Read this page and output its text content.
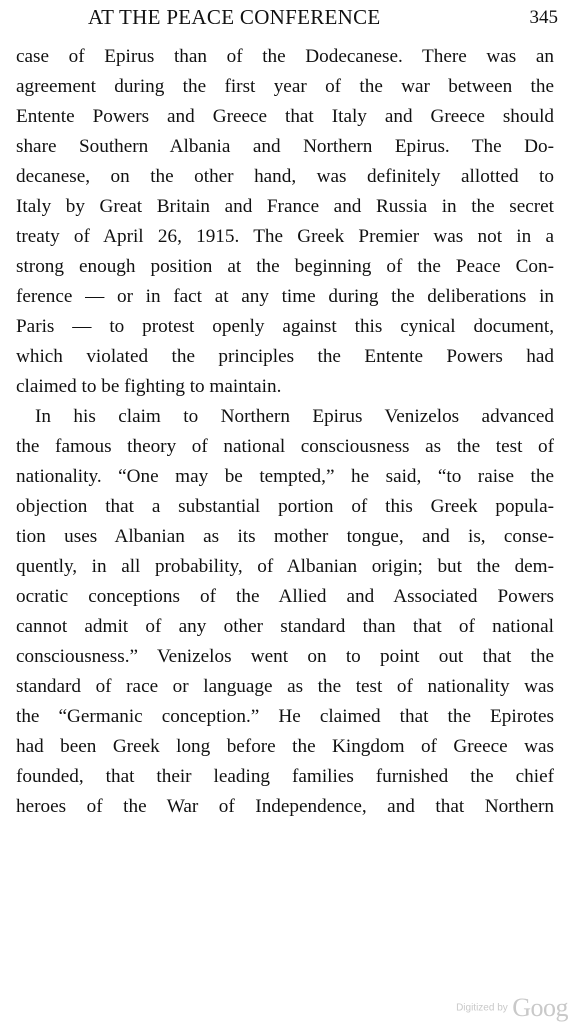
AT THE PEACE CONFERENCE	345
case of Epirus than of the Dodecanese. There was an
agreement during the first year of the war between the
Entente Powers and Greece that Italy and Greece should
share Southern Albania and Northern Epirus. The Do-
decanese, on the other hand, was definitely allotted to
Italy by Great Britain and France and Russia in the secret
treaty of April 26, 1915. The Greek Premier was not in a
strong enough position at the beginning of the Peace Con-
ference — or in fact at any time during the deliberations in
Paris — to protest openly against this cynical document,
which violated the principles the Entente Powers had
claimed to be fighting to maintain.
In his claim to Northern Epirus Venizelos advanced
the famous theory of national consciousness as the test of
nationality. “One may be tempted,” he said, “to raise the
objection that a substantial portion of this Greek popula-
tion uses Albanian as its mother tongue, and is, conse-
quently, in all probability, of Albanian origin; but the dem-
ocratic conceptions of the Allied and Associated Powers
cannot admit of any other standard than that of national
consciousness.” Venizelos went on to point out that the
standard of race or language as the test of nationality was
the “Germanic conception.” He claimed that the Epirotes
had been Greek long before the Kingdom of Greece was
founded, that their leading families furnished the chief
heroes of the War of Independence, and that Northern
Digitized by Goog
